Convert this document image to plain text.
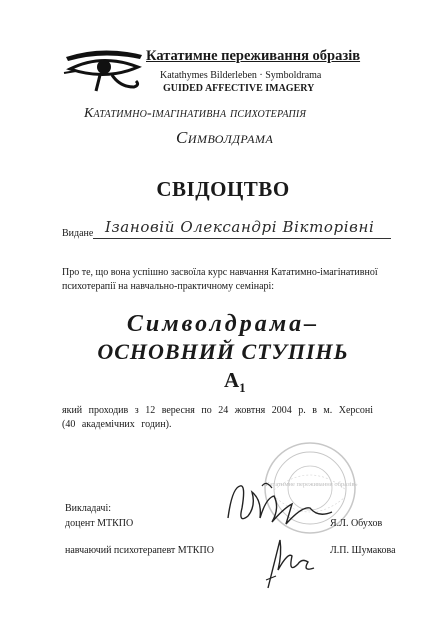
Кататимне переживання образів
Katathymes Bilderleben · Symboldrama
GUIDED AFFECTIVE IMAGERY
Кататимно-імагінативна психотерапія
Символдрама
СВІДОЦТВО
Видане Ізановій Олександрі Вікторівні
Про те, що вона успішно засвоїла курс навчання Кататимно-імагінативної
психотерапії на навчально-практичному семінарі:
Символдрама–
ОСНОВНИЙ СТУПІНЬ
$A_1$
який проходив з 12 вересня по 24 жовтня 2004 р. в м. Херсоні
(40 академічних годин).
«Кататимне переживання образів»
Викладачі:
доцент МТКПО	Я.Л. Обухов
навчаючий психотерапевт МТКПО	Л.П. Шумакова
